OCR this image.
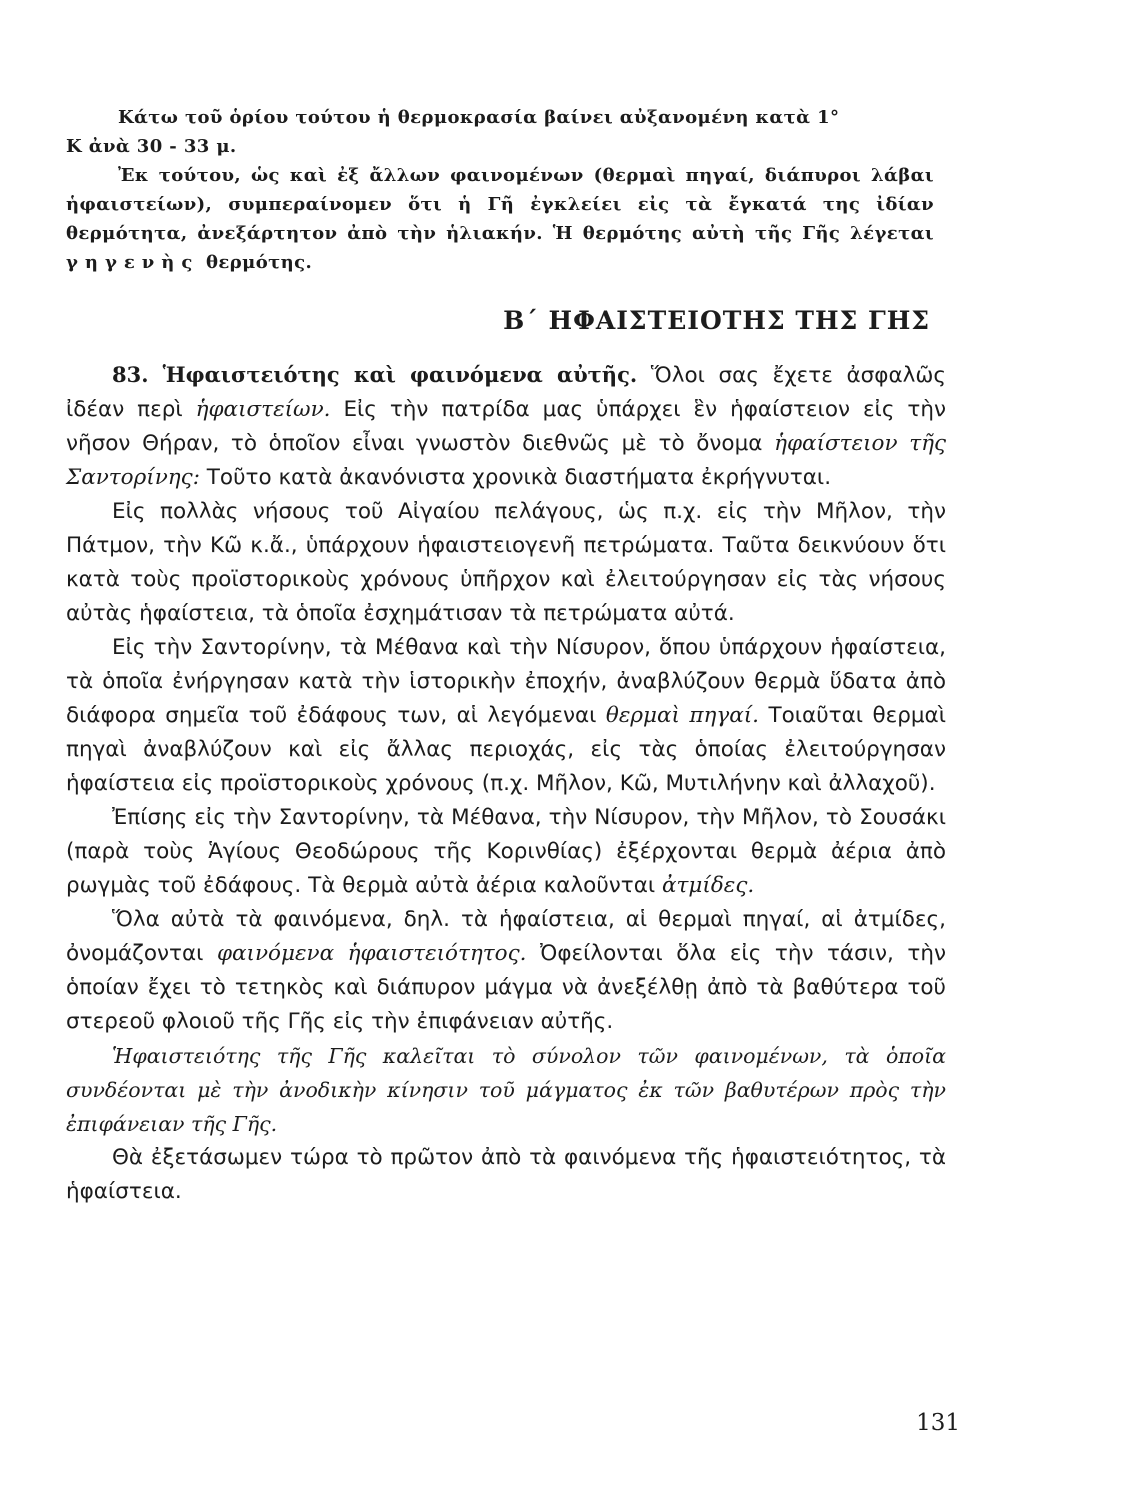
Κάτω τοῦ ὁρίου τούτου ἡ θερμοκρασία βαίνει αὐξανομένη κατὰ 1°
Κ ἀνὰ 30 - 33 μ.
Ἐκ τούτου, ὡς καὶ ἐξ ἄλλων φαινομένων (θερμαὶ πηγαί, διάπυροι λάβαι ἡφαιστείων), συμπεραίνομεν ὅτι ἡ Γῆ ἐγκλείει εἰς τὰ ἔγκατά της ἰδίαν θερμότητα, ἀνεξάρτητον ἀπὸ τὴν ἡλιακήν. Ἡ θερμότης αὐτὴ τῆς Γῆς λέγεται γηγενὴς θερμότης.
Β΄ ΗΦΑΙΣΤΕΙΟΤΗΣ ΤΗΣ ΓΗΣ

83. Ἡφαιστειότης καὶ φαινόμενα αὐτῆς. Ὅλοι σας ἔχετε ἀσφαλῶς ἰδέαν περὶ ἡφαιστείων. Εἰς τὴν πατρίδα μας ὑπάρχει ἓν ἡφαίστειον εἰς τὴν νῆσον Θήραν, τὸ ὁποῖον εἶναι γνωστὸν διεθνῶς μὲ τὸ ὄνομα ἡφαίστειον τῆς Σαντορίνης: Τοῦτο κατὰ ἀκανόνιστα χρονικὰ διαστήματα ἐκρήγνυται.

Εἰς πολλὰς νήσους τοῦ Αἰγαίου πελάγους, ὡς π.χ. εἰς τὴν Μῆλον, τὴν Πάτμον, τὴν Κῶ κ.ἄ., ὑπάρχουν ἡφαιστειογενῆ πετρώματα. Ταῦτα δεικνύουν ὅτι κατὰ τοὺς προϊστορικοὺς χρόνους ὑπῆρχον καὶ ἐλειτούργησαν εἰς τὰς νήσους αὐτὰς ἡφαίστεια, τὰ ὁποῖα ἐσχημάτισαν τὰ πετρώματα αὐτά.

Εἰς τὴν Σαντορίνην, τὰ Μέθανα καὶ τὴν Νίσυρον, ὅπου ὑπάρχουν ἡφαίστεια, τὰ ὁποῖα ἐνήργησαν κατὰ τὴν ἱστορικὴν ἐποχήν, ἀναβλύζουν θερμὰ ὕδατα ἀπὸ διάφορα σημεῖα τοῦ ἐδάφους των, αἱ λεγόμεναι θερμαὶ πηγαί. Τοιαῦται θερμαὶ πηγαὶ ἀναβλύζουν καὶ εἰς ἄλλας περιοχάς, εἰς τὰς ὁποίας ἐλειτούργησαν ἡφαίστεια εἰς προϊστορικοὺς χρόνους (π.χ. Μῆλον, Κῶ, Μυτιλήνην καὶ ἀλλαχοῦ).

Ἐπίσης εἰς τὴν Σαντορίνην, τὰ Μέθανα, τὴν Νίσυρον, τὴν Μῆλον, τὸ Σουσάκι (παρὰ τοὺς Ἁγίους Θεοδώρους τῆς Κορινθίας) ἐξέρχονται θερμὰ ἀέρια ἀπὸ ρωγμὰς τοῦ ἐδάφους. Τὰ θερμὰ αὐτὰ ἀέρια καλοῦνται ἀτμίδες.

Ὅλα αὐτὰ τὰ φαινόμενα, δηλ. τὰ ἡφαίστεια, αἱ θερμαὶ πηγαί, αἱ ἀτμίδες, ὀνομάζονται φαινόμενα ἡφαιστειότητος. Ὀφείλονται ὅλα εἰς τὴν τάσιν, τὴν ὁποίαν ἔχει τὸ τετηκὸς καὶ διάπυρον μάγμα νὰ ἀνεξέλθῃ ἀπὸ τὰ βαθύτερα τοῦ στερεοῦ φλοιοῦ τῆς Γῆς εἰς τὴν ἐπιφάνειαν αὐτῆς.

Ἡφαιστειότης τῆς Γῆς καλεῖται τὸ σύνολον τῶν φαινομένων, τὰ ὁποῖα συνδέονται μὲ τὴν ἀνοδικὴν κίνησιν τοῦ μάγματος ἐκ τῶν βαθυτέρων πρὸς τὴν ἐπιφάνειαν τῆς Γῆς.

Θὰ ἐξετάσωμεν τώρα τὸ πρῶτον ἀπὸ τὰ φαινόμενα τῆς ἡφαιστειότητος, τὰ ἡφαίστεια.

131
